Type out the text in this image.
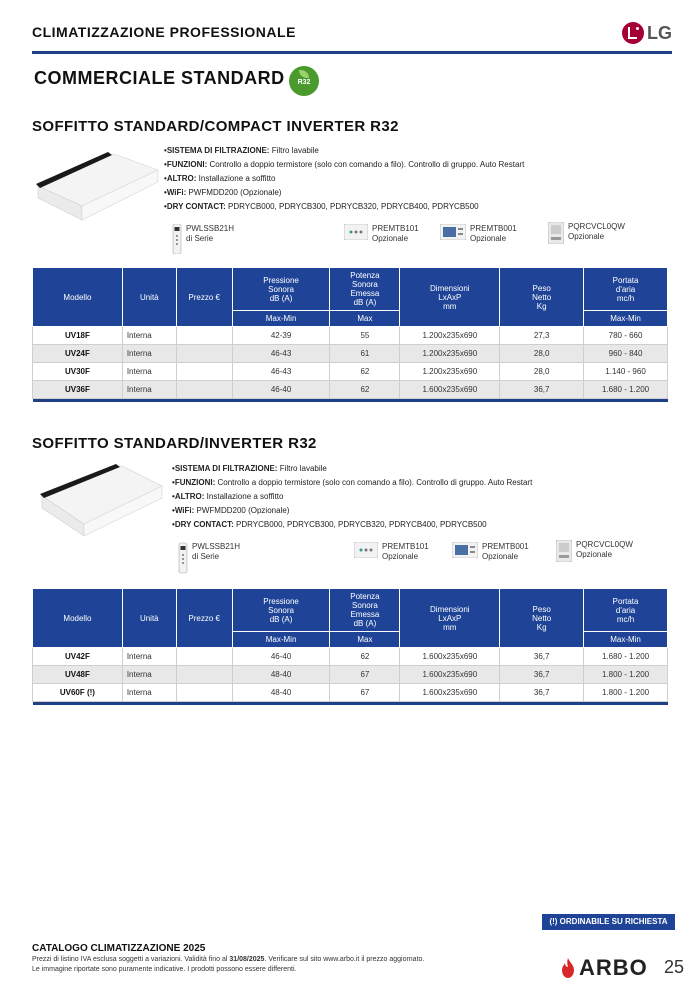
CLIMATIZZAZIONE PROFESSIONALE	LG
COMMERCIALE STANDARD	R32
SOFFITTO STANDARD/COMPACT INVERTER R32
• SISTEMA DI FILTRAZIONE: Filtro lavabile
• FUNZIONI: Controllo a doppio termistore (solo con comando a filo). Controllo di gruppo. Auto Restart
• ALTRO: Installazione a soffitto
• WiFi: PWFMDD200 (Opzionale)
• DRY CONTACT: PDRYCB000, PDRYCB300, PDRYCB320, PDRYCB400, PDRYCB500
PWLSSB21H
di Serie
PREMTB101
Opzionale
PREMTB001
Opzionale
PQRCVCL0QW
Opzionale
Modello	Unità	Prezzo €	Pressione
Sonora
dB (A)	Potenza
Sonora
Emessa
dB (A)	Dimensioni
LxAxP
mm	Peso
Netto
Kg	Portata
d'aria
mc/h
			Max-Min	Max			Max-Min
UV18F	Interna		42-39	55	1.200x235x690	27,3	780 - 660
UV24F	Interna		46-43	61	1.200x235x690	28,0	960 - 840
UV30F	Interna		46-43	62	1.200x235x690	28,0	1.140 - 960
UV36F	Interna		46-40	62	1.600x235x690	36,7	1.680 - 1.200

SOFFITTO STANDARD/INVERTER R32
• SISTEMA DI FILTRAZIONE: Filtro lavabile
• FUNZIONI: Controllo a doppio termistore (solo con comando a filo). Controllo di gruppo. Auto Restart
• ALTRO: Installazione a soffitto
• WiFi: PWFMDD200 (Opzionale)
• DRY CONTACT: PDRYCB000, PDRYCB300, PDRYCB320, PDRYCB400, PDRYCB500
PWLSSB21H
di Serie
PREMTB101
Opzionale
PREMTB001
Opzionale
PQRCVCL0QW
Opzionale
Modello	Unità	Prezzo €	Pressione
Sonora
dB (A)	Potenza
Sonora
Emessa
dB (A)	Dimensioni
LxAxP
mm	Peso
Netto
Kg	Portata
d'aria
mc/h
			Max-Min	Max			Max-Min
UV42F	Interna		46-40	62	1.600x235x690	36,7	1.680 - 1.200
UV48F	Interna		48-40	67	1.600x235x690	36,7	1.800 - 1.200
UV60F (!)	Interna		48-40	67	1.600x235x690	36,7	1.800 - 1.200

(!) ORDINABILE SU RICHIESTA
CATALOGO CLIMATIZZAZIONE 2025
Prezzi di listino IVA esclusa soggetti a variazioni. Validità fino al 31/08/2025. Verificare sul sito www.arbo.it il prezzo aggiornato.
Le immagine riportate sono puramente indicative. I prodotti possono essere differenti.	ARBO 25
